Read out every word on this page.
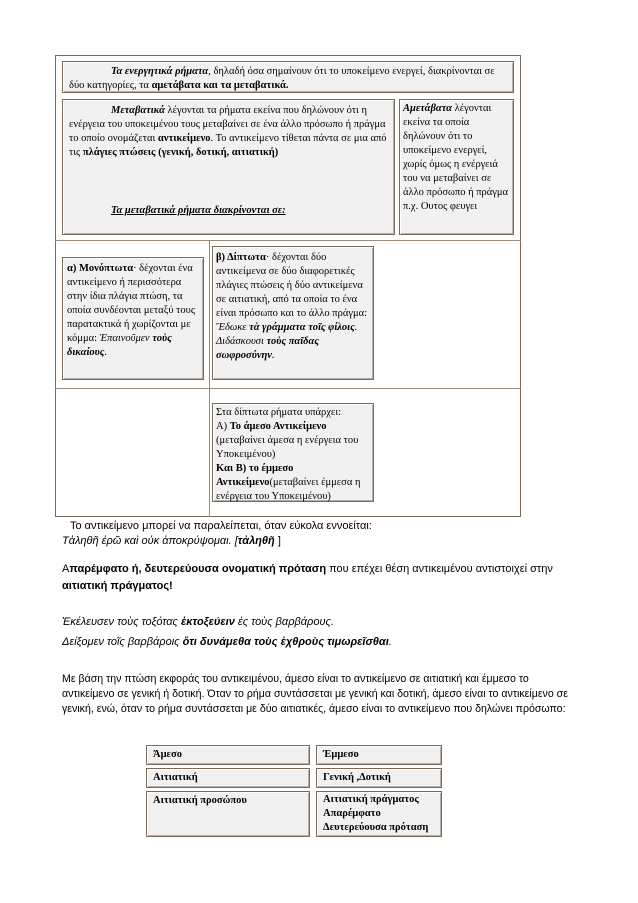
Τα ενεργητικά ρήματα, δηλαδή όσα σημαίνουν ότι το υποκείμενο ενεργεί, διακρίνονται σε δύο κατηγορίες, τα αμετάβατα και τα μεταβατικά.
Μεταβατικά λέγονται τα ρήματα εκείνα που δηλώνουν ότι η ενέργεια του υποκειμένου τους μεταβαίνει σε ένα άλλο πρόσωπο ή πράγμα το οποίο ονομάζεται αντικείμενο. Το αντικείμενο τίθεται πάντα σε μια από τις πλάγιες πτώσεις (γενική, δοτική, αιτιατική)
Τα μεταβατικά ρήματα διακρίνονται σε:
Αμετάβατα λέγονται εκείνα τα οποία δηλώνουν ότι το υποκείμενο ενεργεί, χωρίς όμως η ενέργειά του να μεταβαίνει σε άλλο πρόσωπο ή πράγμα π.χ. Ουτος φευγει
α) Μονόπτωτα· δέχονται ένα αντικείμενο ή περισσότερα στην ίδια πλάγια πτώση, τα οποία συνδέονται μεταξύ τους παρατακτικά ή χωρίζονται με κόμμα: Ἐπαινοῦμεν τοὺς δικαίους.
β) Δίπτωτα· δέχονται δύο αντικείμενα σε δύο διαφορετικές πλάγιες πτώσεις ή δύο αντικείμενα σε αιτιατική, από τα οποία το ένα είναι πρόσωπο και το άλλο πράγμα: Ἔδωκε τὰ γράμματα τοῖς φίλοις. Διδάσκουσι τοὺς παῖδας σωφροσύνην.
Στα δίπτωτα ρήματα υπάρχει:
Α) Το άμεσο Αντικείμενο (μεταβαίνει άμεσα η ενέργεια του Υποκειμένου)
Και Β) το έμμεσο Αντικείμενο(μεταβαίνει έμμεσα η ενέργεια του Υποκειμένου)
Το αντικείμενο μπορεί να παραλείπεται, όταν εύκολα εννοείται:
Τἀληθῆ ἐρῶ καὶ οὐκ ἀποκρύψομαι. [τἀληθῆ ]
Απαρέμφατο ή, δευτερεύουσα ονοματική πρόταση που επέχει θέση αντικειμένου αντιστοιχεί στην αιτιατική πράγματος!
Ἐκέλευσεν τοὺς τοξότας ἐκτοξεύειν ἐς τοὺς βαρβάρους.
Δείξομεν τοῖς βαρβάροις ὅτι δυνάμεθα τοὺς ἐχθροὺς τιμωρεῖσθαι.
Με βάση την πτώση εκφοράς του αντικειμένου, άμεσο είναι το αντικείμενο σε αιτιατική και έμμεσο το αντικείμενο σε γενική ή δοτική. Όταν το ρήμα συντάσσεται με γενική και δοτική, άμεσο είναι το αντικείμενο σε γενική, ενώ, όταν το ρήμα συντάσσεται με δύο αιτιατικές, άμεσο είναι το αντικείμενο που δηλώνει πρόσωπο:
Άμεσο	Έμμεσο
Αιτιατική	Γενική ,Δοτική
Αιτιατική προσώπου	Αιτιατική πράγματος
Απαρέμφατο
Δευτερεύουσα πρόταση
